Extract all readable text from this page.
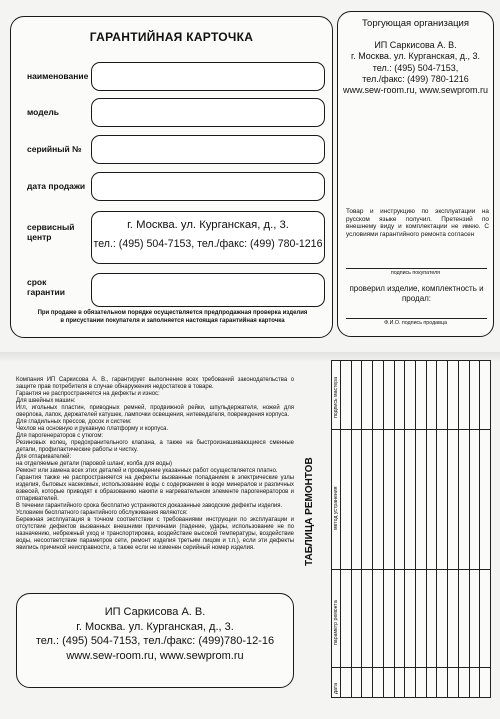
ГАРАНТИЙНАЯ КАРТОЧКА
наименование
модель
серийный №
дата продажи
сервисный
центр
г. Москва. ул. Курганская, д., 3.
тел.: (495) 504-7153, тел./факс: (499) 780-1216
срок
гарантии
При продаже в обязательном порядке осуществляется предпродажная проверка изделия
в присустании покупателя и заполняется настоящая гарантийная карточка
Торгующая организация
ИП Саркисова А. В.
г. Москва. ул. Курганская, д., 3.
тел.: (495) 504-7153,
тел./факс: (499) 780-1216
www.sew-room.ru, www.sewprom.ru
Товар и инструкцию по эксплуатации на русском языке получил. Претензий по внешнему виду и комплектации не имею. С условиями гарантийного ремонта согласен
подпись покупателя
проверил изделие, комплектность и продал:
Ф.И.О. подпись продавца

Компания ИП Саркисова А. В., гарантирует выполнение всех требований законодательства о защите прав потребителя в случае обнаружения недостатков в товаре.

Гарантия не распространяется на дефекты и износ:

Для швейных машин:

Игл, игольных пластин, приводных ремней, продвижной рейки, шпульдержателя, ножей для оверлока, лапок, держателей катушек, лампочки освещения, нитеведателя, повреждения корпуса.

Для гладильных прессов, досок и систем:

Чехлов на основную и рукавную платформу и корпуса.

Для парогенераторов с утюгом:

Резиновых колец, предохранительного клапана, а также на быстроизнашивающиеся сменные детали, профилактические работы и чистку.

Для отпаривателей:

на отделяемые детали (паровой шланг, колба для воды)

Ремонт или замена всех этих деталей и проведение указанных работ осуществляется платно.

Гарантия также не распространяется на дефекты вызванные попаданием в электрические узлы изделия, бытовых насекомых, использование воды с содержанием в воде минералов и различных взвесей, которые приводят к образованию накипи в нагревательном элементе парогенераторов и отпаривателей.

В течении гарантийного срока бесплатно устраняются доказанные заводские дефекты изделия.

Условием бесплатного гарантийного обслуживания являются:

Бережная эксплуатация в точном соответствии с требованиями инструкции по эксплуатации и отсутствие дефектов вызванных внешними причинами (падение, удары, использование не по назначению, небрежный уход и транспортировка, воздействие высокой температуры, воздействие воды, несоответствие параметров сети, ремонт изделия третьим лицом и т.п.), если эти дефекты явились причиной неисправности, а также если не изменен серийный номер изделия.

ИП Саркисова А. В.
г. Москва. ул. Курганская, д., 3.
тел.: (495) 504-7153, тел./факс: (499)780-12-16
www.sew-room.ru, www.sewprom.ru
ТАБЛИЦА РЕМОНТОВ
подпись мастера
метод устранения
параметр ремонта
дата
